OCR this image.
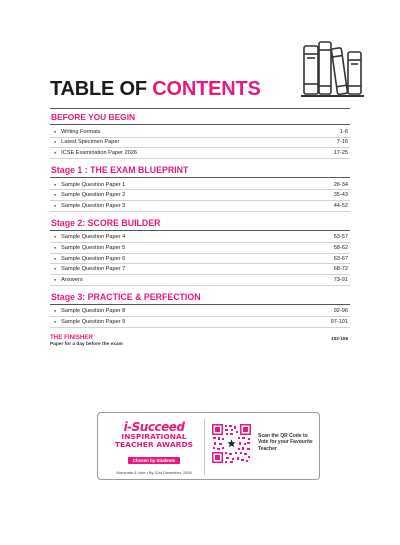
TABLE OF CONTENTS
BEFORE YOU BEGIN
● Writing Formats	1-6
● Latest Specimen Paper	7-16
● ICSE Examination Paper 2026	17-25
Stage 1 : THE EXAM BLUEPRINT
● Sample Question Paper 1	26-34
● Sample Question Paper 2	35-43
● Sample Question Paper 3	44-52
Stage 2: SCORE BUILDER
● Sample Question Paper 4	53-57
● Sample Question Paper 5	58-62
● Sample Question Paper 6	63-67
● Sample Question Paper 7	68-72
● Answers	73-91
Stage 3: PRACTICE & PERFECTION
● Sample Question Paper 8	92-96
● Sample Question Paper 9	97-101
THE FINISHER	102-106
Paper for a day before the exam
i-Succeed
INSPIRATIONAL
TEACHER AWARDS
Chosen by Students
Nominate & Vote • By 31st December, 2026
Scan the QR Code to Vote for your Favourite Teacher
